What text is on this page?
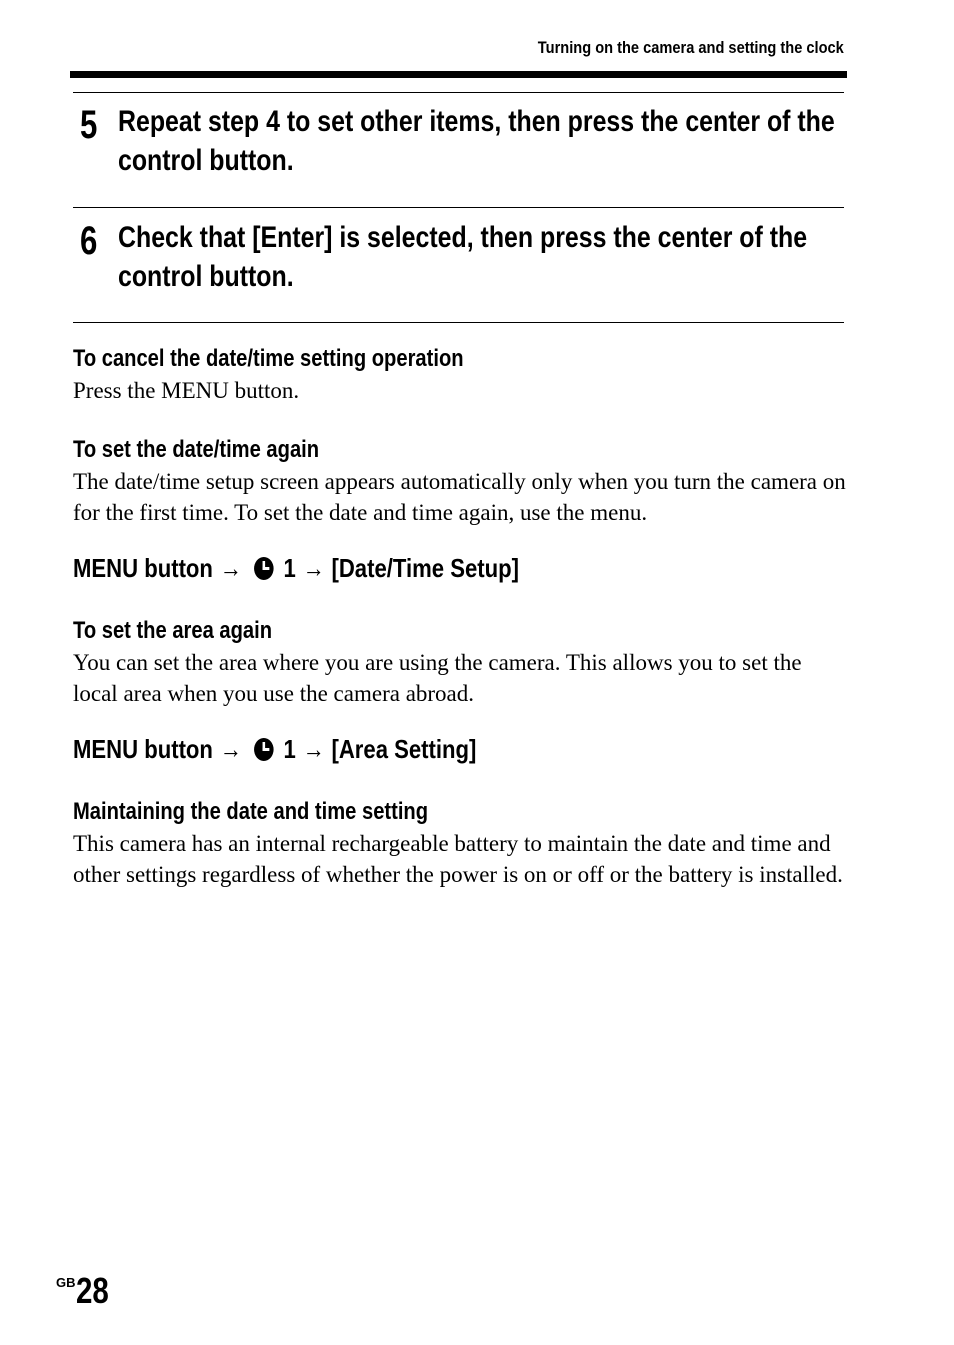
Turning on the camera and setting the clock
5 Repeat step 4 to set other items, then press the center of the control button.
6 Check that [Enter] is selected, then press the center of the control button.
To cancel the date/time setting operation
Press the MENU button.
To set the date/time again
The date/time setup screen appears automatically only when you turn the camera on for the first time. To set the date and time again, use the menu.
MENU button → 1 → [Date/Time Setup]
To set the area again
You can set the area where you are using the camera. This allows you to set the local area when you use the camera abroad.
MENU button → 1 → [Area Setting]
Maintaining the date and time setting
This camera has an internal rechargeable battery to maintain the date and time and other settings regardless of whether the power is on or off or the battery is installed.
$^{GB}$28
